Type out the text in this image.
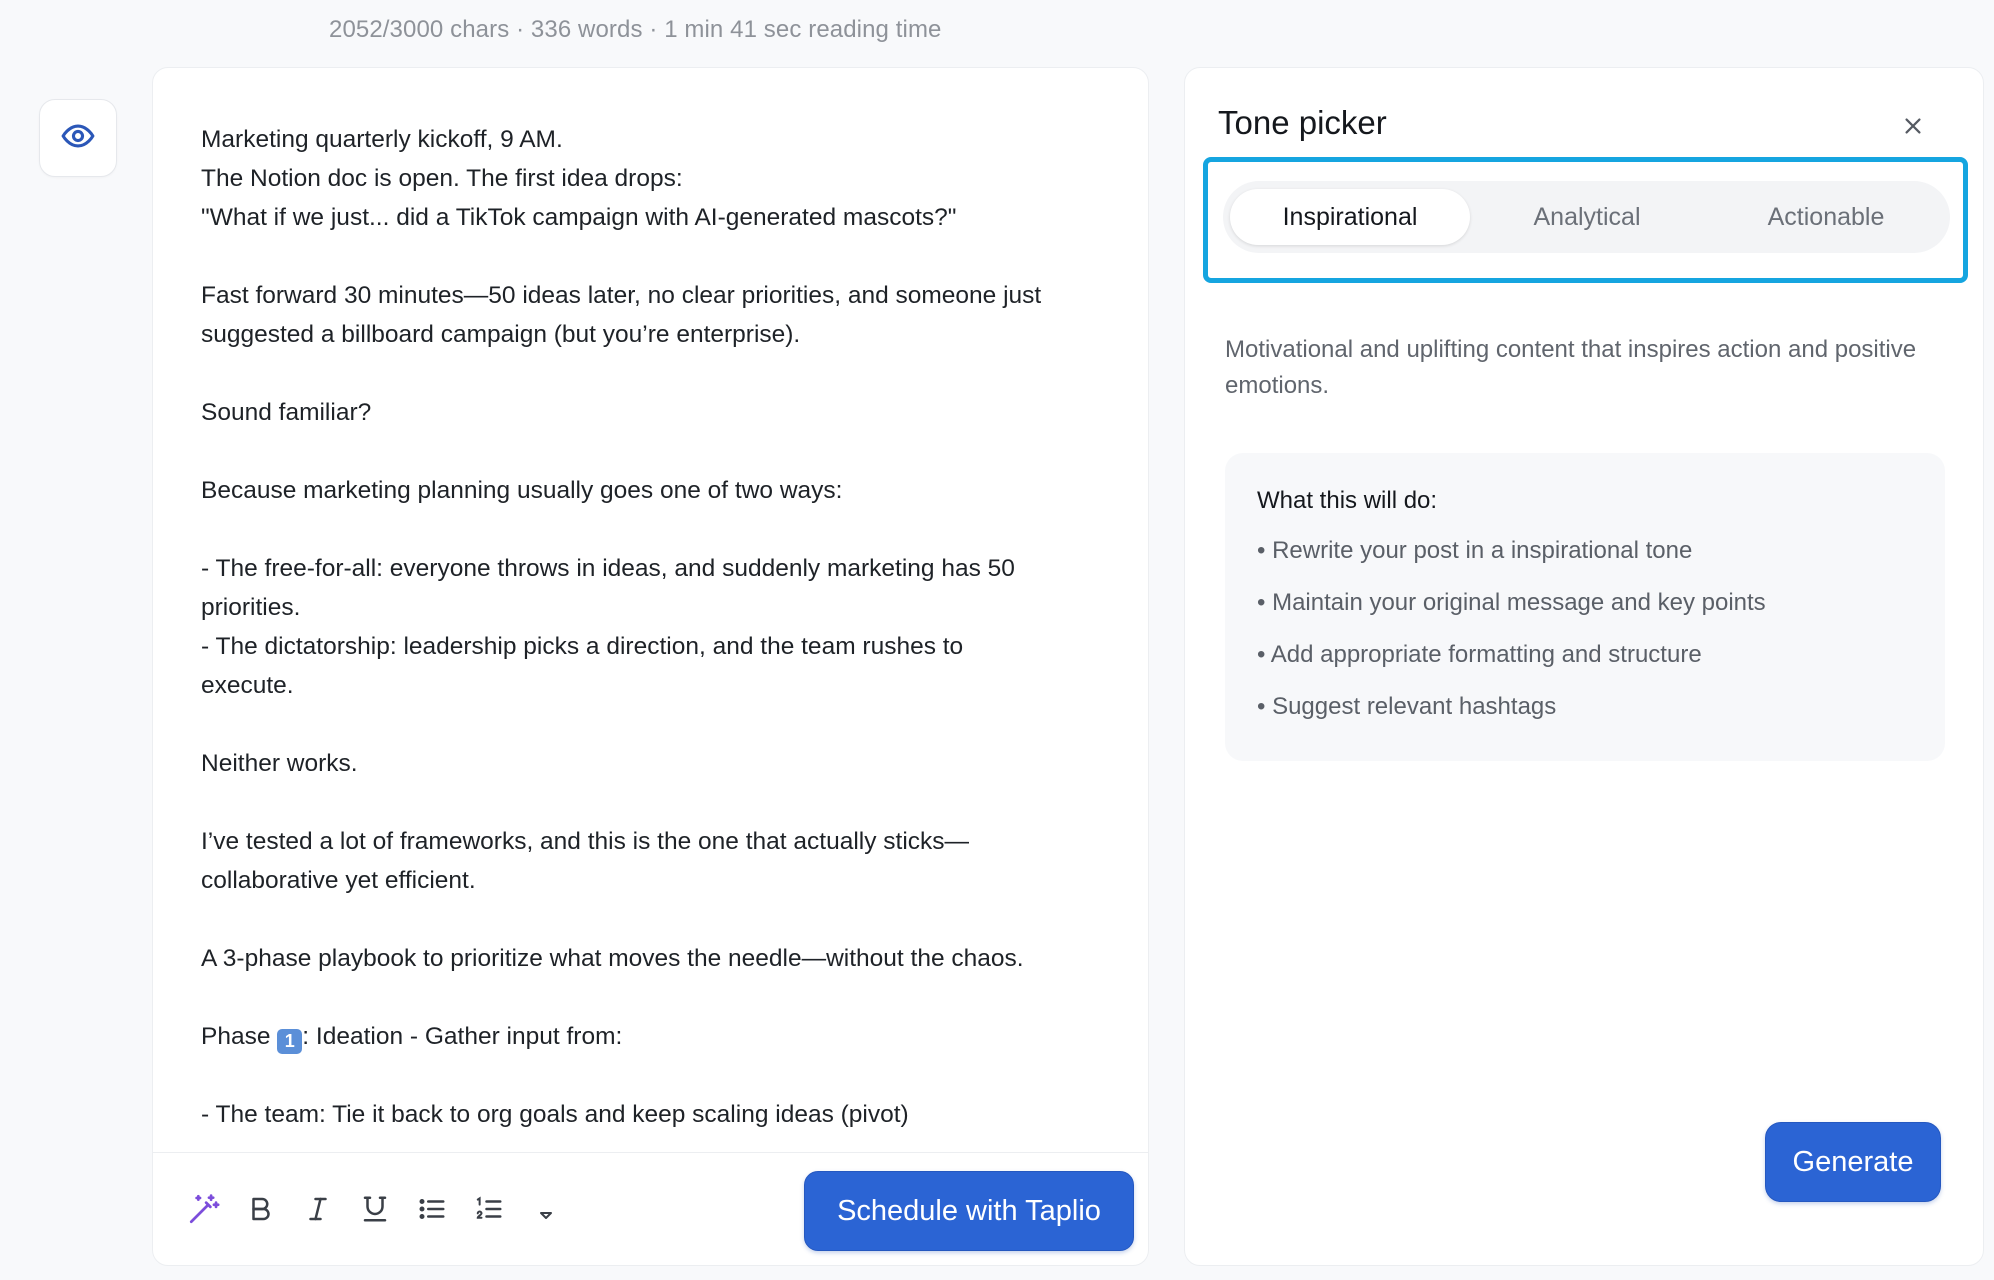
2052/3000 chars · 336 words · 1 min 41 sec reading time
Marketing quarterly kickoff, 9 AM.
The Notion doc is open. The first idea drops:
"What if we just... did a TikTok campaign with AI-generated mascots?"
Fast forward 30 minutes—50 ideas later, no clear priorities, and someone just
suggested a billboard campaign (but you’re enterprise).
Sound familiar?
Because marketing planning usually goes one of two ways:
- The free-for-all: everyone throws in ideas, and suddenly marketing has 50
priorities.
- The dictatorship: leadership picks a direction, and the team rushes to
execute.
Neither works.
I’ve tested a lot of frameworks, and this is the one that actually sticks—
collaborative yet efficient.
A 3-phase playbook to prioritize what moves the needle—without the chaos.
Phase 1 : Ideation - Gather input from:
- The team: Tie it back to org goals and keep scaling ideas (pivot)
Schedule with Taplio
Tone picker
Inspirational	Analytical	Actionable
Motivational and uplifting content that inspires action and positive emotions.
What this will do:
• Rewrite your post in a inspirational tone
• Maintain your original message and key points
• Add appropriate formatting and structure
• Suggest relevant hashtags
Generate
